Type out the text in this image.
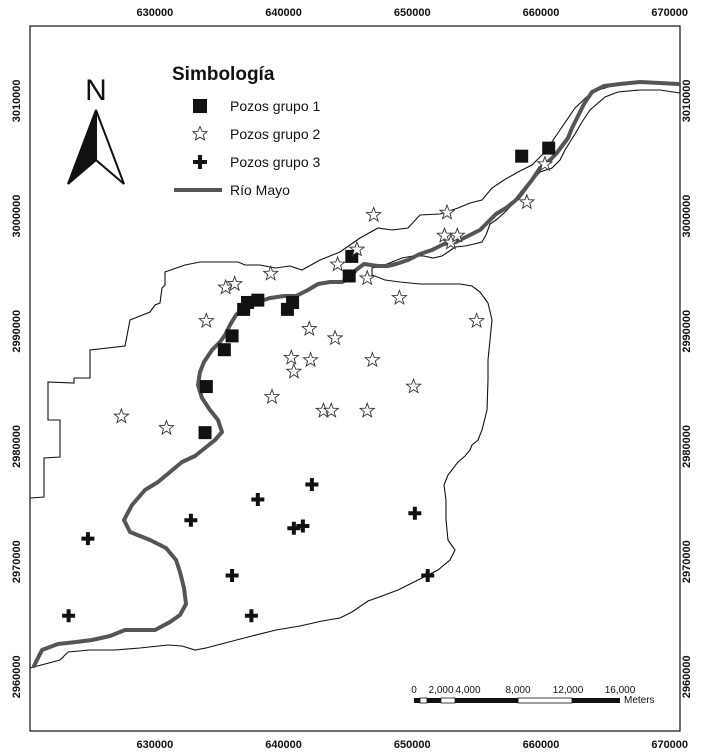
630000	640000	650000	660000	670000
630000	640000	650000	660000	670000
2960000
2970000
2980000
2990000
3000000
3010000
2960000
2970000
2980000
2990000
3000000
3010000
N	Simbología
Pozos grupo 1
Pozos grupo 2
Pozos grupo 3
Río Mayo
0 2,000 4,000 8,000 12,000 16,000
Meters
